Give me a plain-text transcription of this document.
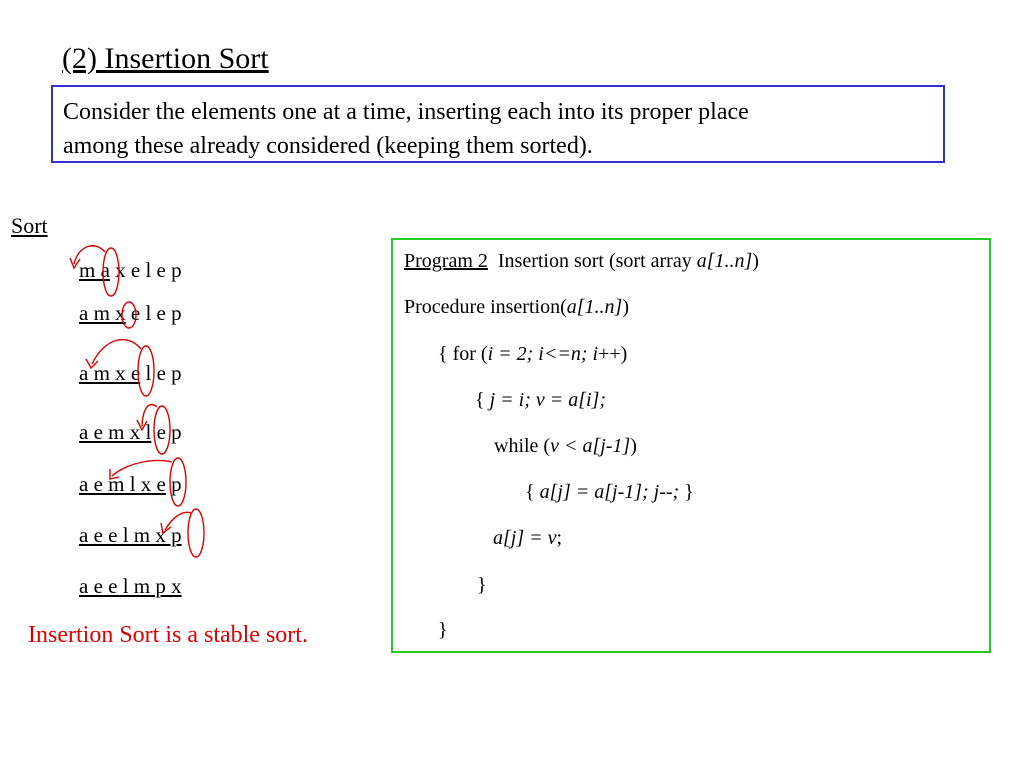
(2) Insertion Sort
Consider the elements one at a time, inserting each into its proper place
among these already considered (keeping them sorted).
Sort
m a x e l e p
a m x e l e p
a m x e l e p
a e m x l e p
a e m l x e p
a e e l m x p
a e e l m p x
Insertion Sort is a stable sort.
Program 2  Insertion sort (sort array a[1..n])
Procedure insertion(a[1..n])
{ for (i = 2; i<=n; i++)
{ j = i; v = a[i];
while (v < a[j-1])
{ a[j] = a[j-1]; j--; }
a[j] = v;
}
}
